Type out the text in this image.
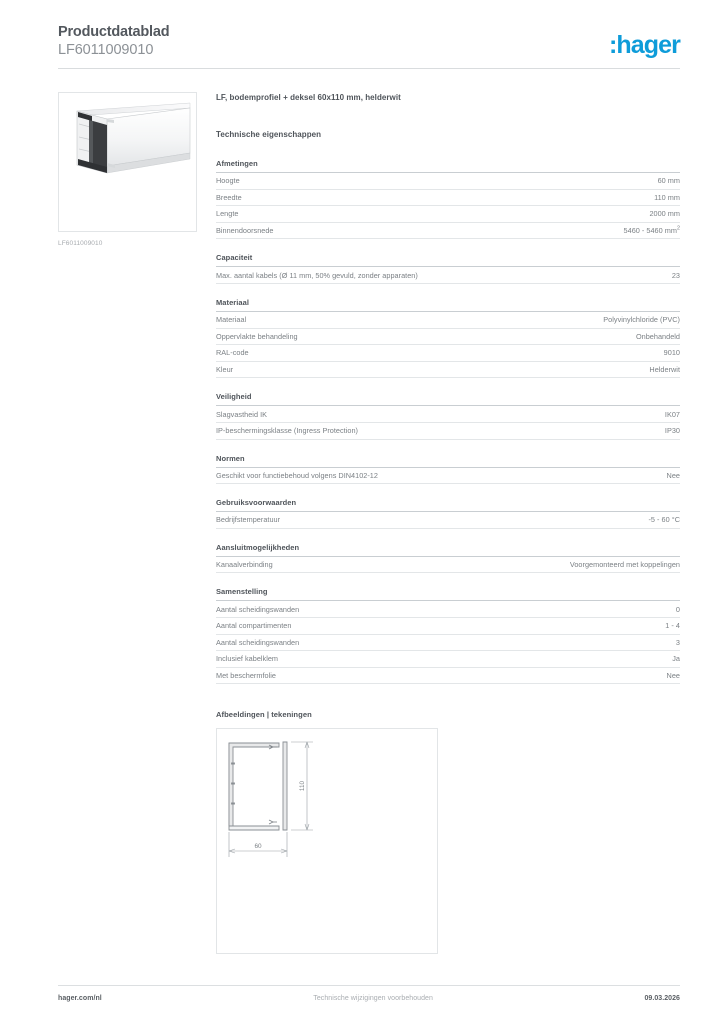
Productdatablad
LF6011009010	:hager
LF6011009010
LF, bodemprofiel + deksel 60x110 mm, helderwit
Technische eigenschappen
Afmetingen
Hoogte	60 mm
Breedte	110 mm
Lengte	2000 mm
Binnendoorsnede	5460 - 5460 $mm^2$
Capaciteit
Max. aantal kabels (Ø 11 mm, 50% gevuld, zonder apparaten)	23
Materiaal
Materiaal	Polyvinylchloride (PVC)
Oppervlakte behandeling	Onbehandeld
RAL-code	9010
Kleur	Helderwit
Veiligheid
Slagvastheid IK	IK07
IP-beschermingsklasse (Ingress Protection)	IP30
Normen
Geschikt voor functiebehoud volgens DIN4102-12	Nee
Gebruiksvoorwaarden
Bedrijfstemperatuur	-5 - 60 °C
Aansluitmogelijkheden
Kanaalverbinding	Voorgemonteerd met koppelingen
Samenstelling
Aantal scheidingswanden	0
Aantal compartimenten	1 - 4
Aantal scheidingswanden	3
Inclusief kabelklem	Ja
Met beschermfolie	Nee
Afbeeldingen | tekeningen
110
60
hager.com/nl	Technische wijzigingen voorbehouden	09.03.2026
